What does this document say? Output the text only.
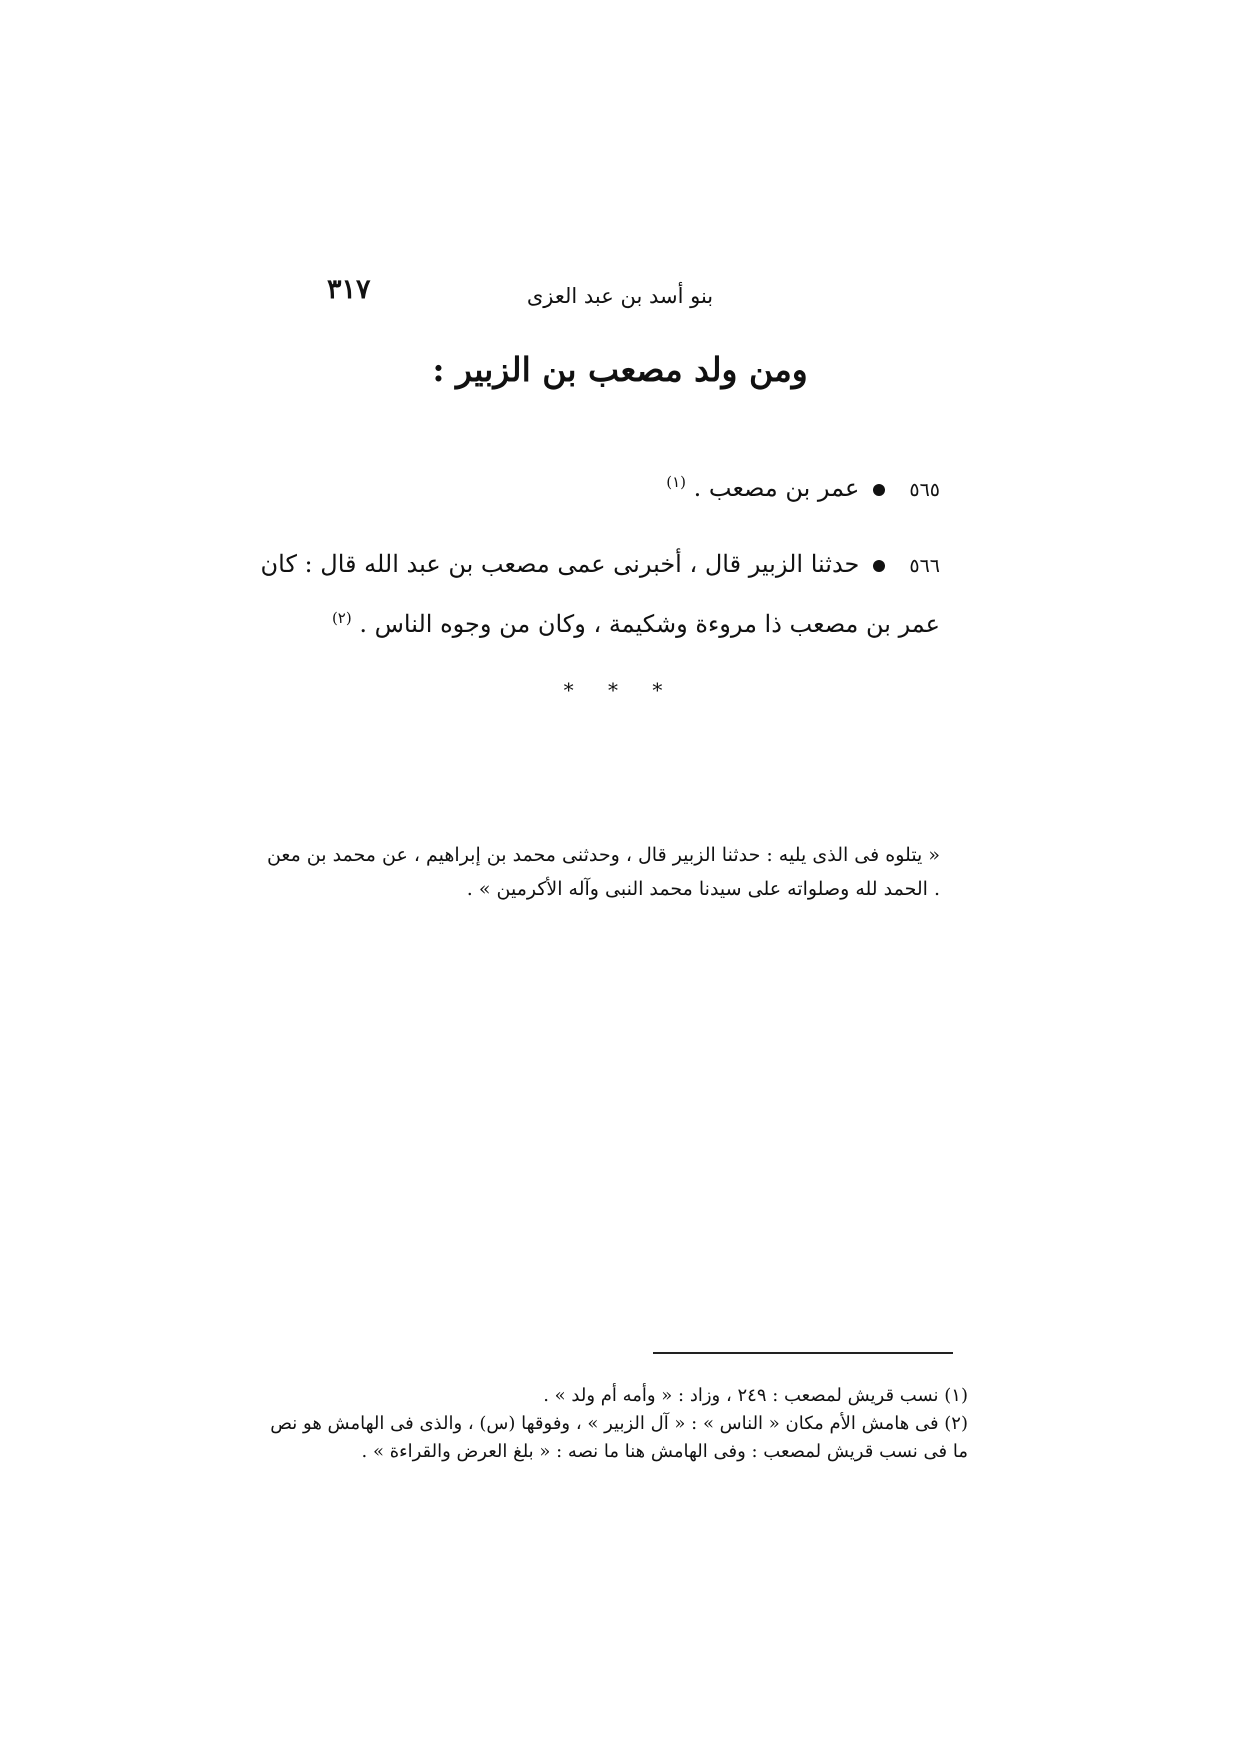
٣١٧	بنو أسد بن عبد العزى
ومن ولد مصعب بن الزبير :
٥٦٥عمر بن مصعب . $^{(١)}$
٥٦٦حدثنا الزبير قال ، أخبرنى عمى مصعب بن عبد الله قال : كان عمر بن مصعب ذا مروءة وشكيمة ، وكان من وجوه الناس . $^{(٢)}$
* * *
« يتلوه فى الذى يليه : حدثنا الزبير قال ، وحدثنى محمد بن إبراهيم ، عن محمد بن معن . الحمد لله وصلواته على سيدنا محمد النبى وآله الأكرمين » .
(١) نسب قريش لمصعب : ٢٤٩ ، وزاد : « وأمه أم ولد » .
(٢) فى هامش الأم مكان « الناس » : « آل الزبير » ، وفوقها (س) ، والذى فى الهامش هو نص ما فى نسب قريش لمصعب : وفى الهامش هنا ما نصه : « بلغ العرض والقراءة » .
